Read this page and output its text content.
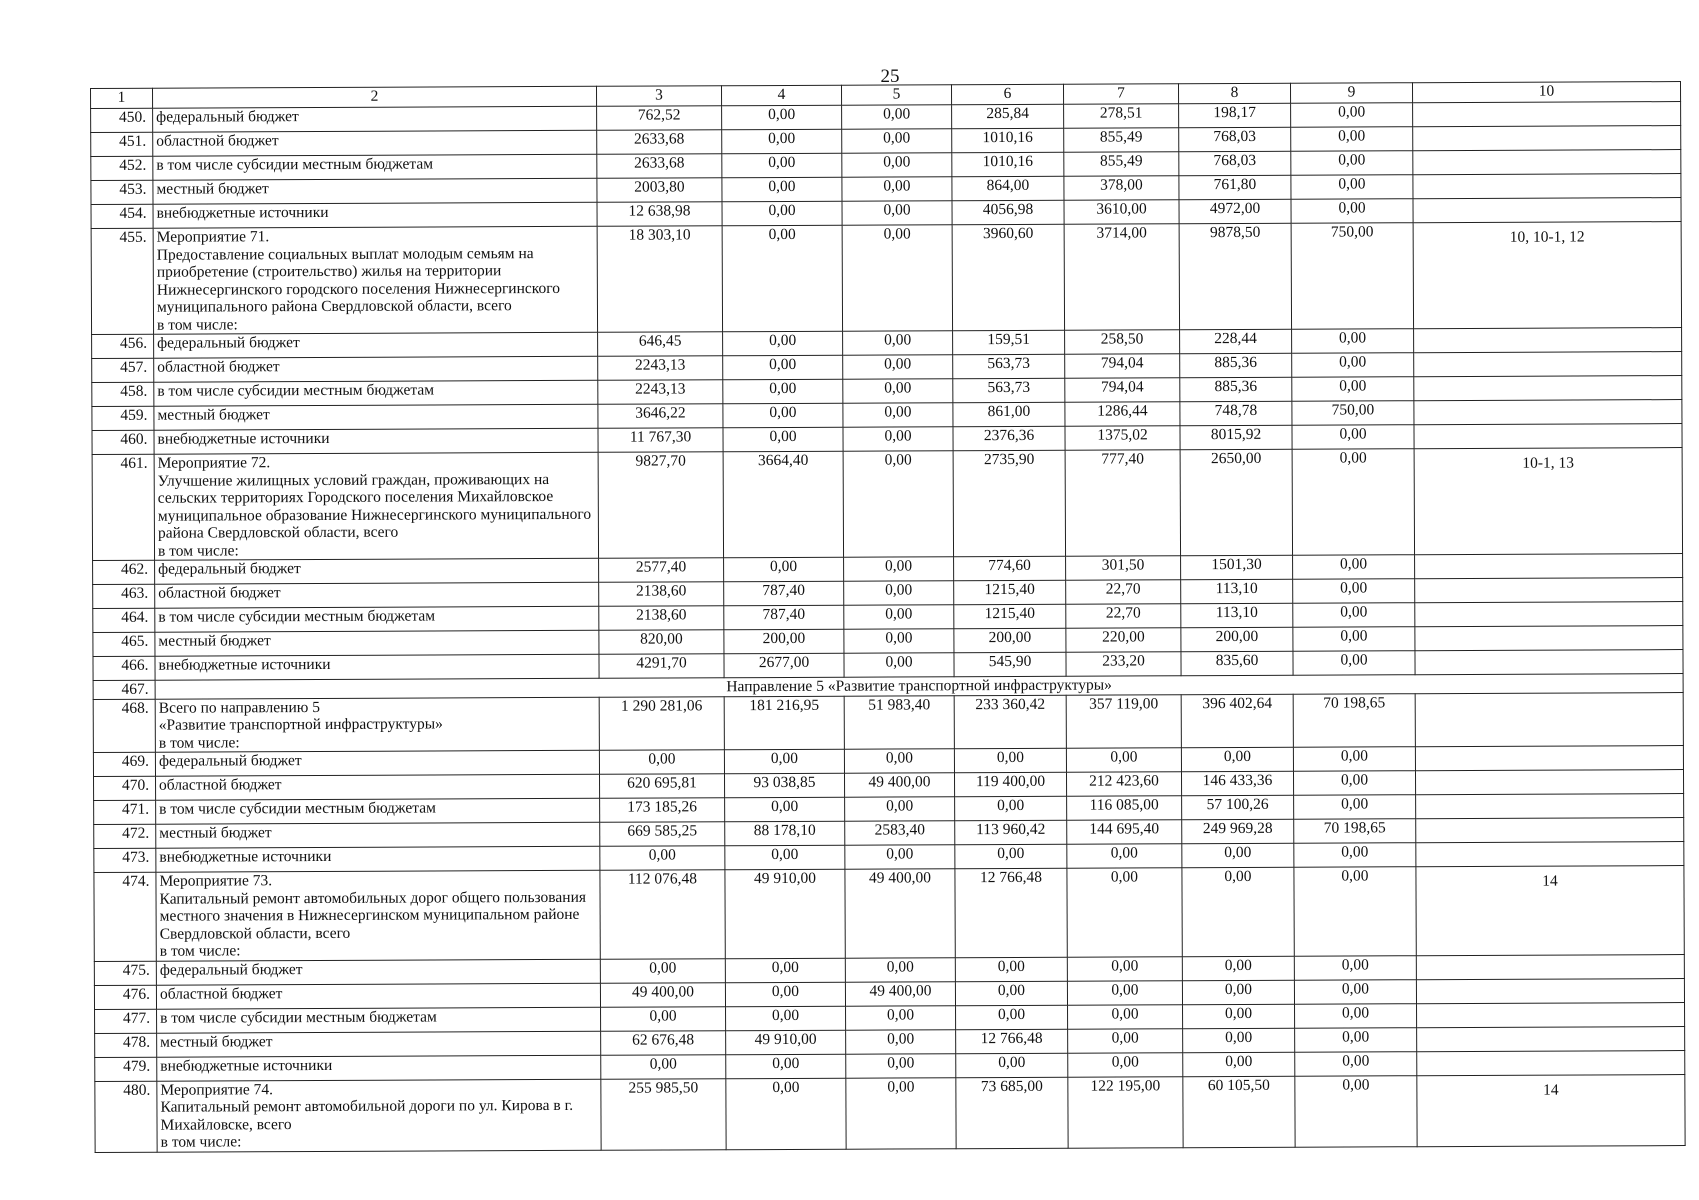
25
1	2	3	4	5	6	7	8	9	10
450.	федеральный бюджет	762,52	0,00	0,00	285,84	278,51	198,17	0,00	
451.	областной бюджет	2633,68	0,00	0,00	1010,16	855,49	768,03	0,00	
452.	в том числе субсидии местным бюджетам	2633,68	0,00	0,00	1010,16	855,49	768,03	0,00	
453.	местный бюджет	2003,80	0,00	0,00	864,00	378,00	761,80	0,00	
454.	внебюджетные источники	12 638,98	0,00	0,00	4056,98	3610,00	4972,00	0,00	
455.	Мероприятие 71.
Предоставление социальных выплат молодым семьям на приобретение (строительство) жилья на территории Нижнесергинского городского поселения Нижнесергинского муниципального района Свердловской области, всего
в том числе:	18 303,10	0,00	0,00	3960,60	3714,00	9878,50	750,00	10, 10-1, 12
456.	федеральный бюджет	646,45	0,00	0,00	159,51	258,50	228,44	0,00	
457.	областной бюджет	2243,13	0,00	0,00	563,73	794,04	885,36	0,00	
458.	в том числе субсидии местным бюджетам	2243,13	0,00	0,00	563,73	794,04	885,36	0,00	
459.	местный бюджет	3646,22	0,00	0,00	861,00	1286,44	748,78	750,00	
460.	внебюджетные источники	11 767,30	0,00	0,00	2376,36	1375,02	8015,92	0,00	
461.	Мероприятие 72.
Улучшение жилищных условий граждан, проживающих на сельских территориях Городского поселения Михайловское муниципальное образование Нижнесергинского муниципального района Свердловской области, всего
в том числе:	9827,70	3664,40	0,00	2735,90	777,40	2650,00	0,00	10-1, 13
462.	федеральный бюджет	2577,40	0,00	0,00	774,60	301,50	1501,30	0,00	
463.	областной бюджет	2138,60	787,40	0,00	1215,40	22,70	113,10	0,00	
464.	в том числе субсидии местным бюджетам	2138,60	787,40	0,00	1215,40	22,70	113,10	0,00	
465.	местный бюджет	820,00	200,00	0,00	200,00	220,00	200,00	0,00	
466.	внебюджетные источники	4291,70	2677,00	0,00	545,90	233,20	835,60	0,00	
467.	Направление 5 «Развитие транспортной инфраструктуры»								
468.	Всего по направлению 5
«Развитие транспортной инфраструктуры»
в том числе:	1 290 281,06	181 216,95	51 983,40	233 360,42	357 119,00	396 402,64	70 198,65	
469.	федеральный бюджет	0,00	0,00	0,00	0,00	0,00	0,00	0,00	
470.	областной бюджет	620 695,81	93 038,85	49 400,00	119 400,00	212 423,60	146 433,36	0,00	
471.	в том числе субсидии местным бюджетам	173 185,26	0,00	0,00	0,00	116 085,00	57 100,26	0,00	
472.	местный бюджет	669 585,25	88 178,10	2583,40	113 960,42	144 695,40	249 969,28	70 198,65	
473.	внебюджетные источники	0,00	0,00	0,00	0,00	0,00	0,00	0,00	
474.	Мероприятие 73.
Капитальный ремонт автомобильных дорог общего пользования местного значения в Нижнесергинском муниципальном районе Свердловской области, всего
в том числе:	112 076,48	49 910,00	49 400,00	12 766,48	0,00	0,00	0,00	14
475.	федеральный бюджет	0,00	0,00	0,00	0,00	0,00	0,00	0,00	
476.	областной бюджет	49 400,00	0,00	49 400,00	0,00	0,00	0,00	0,00	
477.	в том числе субсидии местным бюджетам	0,00	0,00	0,00	0,00	0,00	0,00	0,00	
478.	местный бюджет	62 676,48	49 910,00	0,00	12 766,48	0,00	0,00	0,00	
479.	внебюджетные источники	0,00	0,00	0,00	0,00	0,00	0,00	0,00	
480.	Мероприятие 74.
Капитальный ремонт автомобильной дороги по ул. Кирова в г. Михайловске, всего
в том числе:	255 985,50	0,00	0,00	73 685,00	122 195,00	60 105,50	0,00	14
